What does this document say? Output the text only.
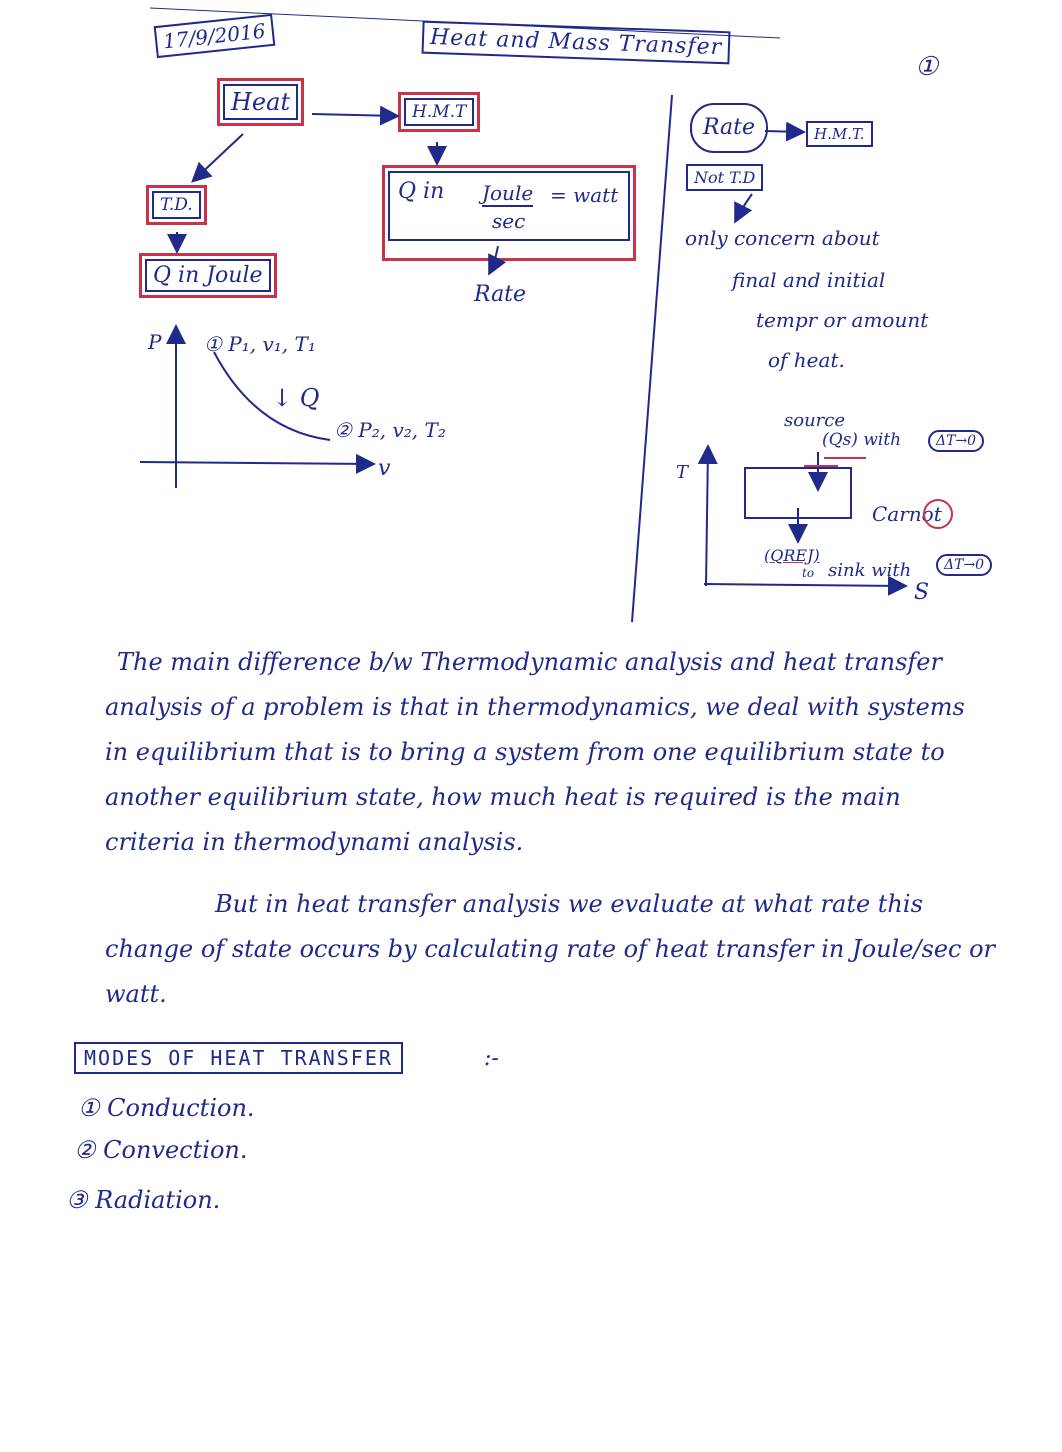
17/9/2016	Heat and Mass Transfer
①
Heat	H.M.T
T.D.
Q in Joule
Q in Joule
sec
= watt
Rate
P ① P₁, v₁, T₁
↓ Q
② P₂, v₂, T₂
v
Rate	H.M.T.
Not T.D
only concern about
final and initial
tempr or amount
of heat.
source
(Qs) with	ΔT→0
T
Carnot
(QREJ)
to sink with	ΔT→0
S
The main difference b/w Thermodynamic analysis and heat transfer analysis of a problem is that in thermodynamics, we deal with systems in equilibrium that is to bring a system from one equilibrium state to another equilibrium state, how much heat is required is the main criteria in thermodynami analysis.
But in heat transfer analysis we evaluate at what rate this change of state occurs by calculating rate of heat transfer in Joule/sec or watt.
MODES OF HEAT TRANSFER	:-
① Conduction.
② Convection.
③ Radiation.
